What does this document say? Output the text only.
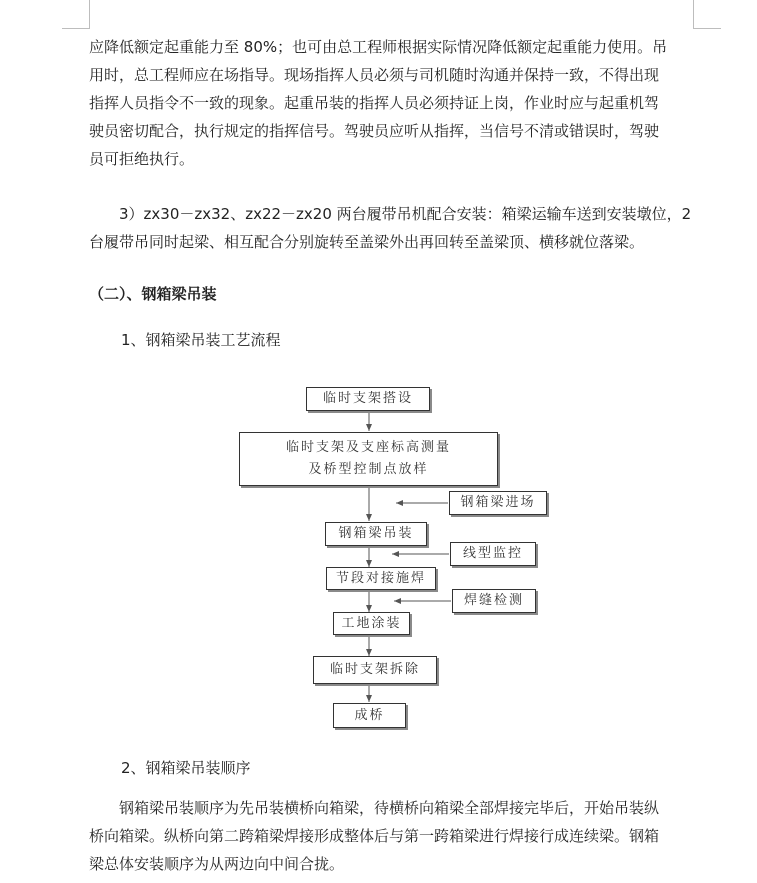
应降低额定起重能力至 80%；也可由总工程师根据实际情况降低额定起重能力使用。吊
用时，总工程师应在场指导。现场指挥人员必须与司机随时沟通并保持一致，不得出现
指挥人员指令不一致的现象。起重吊装的指挥人员必须持证上岗，作业时应与起重机驾
驶员密切配合，执行规定的指挥信号。驾驶员应听从指挥，当信号不清或错误时，驾驶
员可拒绝执行。
3）zx30－zx32、zx22－zx20 两台履带吊机配合安装：箱梁运输车送到安装墩位，2
台履带吊同时起梁、相互配合分别旋转至盖梁外出再回转至盖梁顶、横移就位落梁。
（二）、钢箱梁吊装
1、钢箱梁吊装工艺流程
临时支架搭设
临时支架及支座标高测量
及桥型控制点放样
钢箱梁进场
钢箱梁吊装
线型监控
节段对接施焊
焊缝检测
工地涂装
临时支架拆除
成桥
2、钢箱梁吊装顺序
钢箱梁吊装顺序为先吊装横桥向箱梁，待横桥向箱梁全部焊接完毕后，开始吊装纵
桥向箱梁。纵桥向第二跨箱梁焊接形成整体后与第一跨箱梁进行焊接行成连续梁。钢箱
梁总体安装顺序为从两边向中间合拢。
